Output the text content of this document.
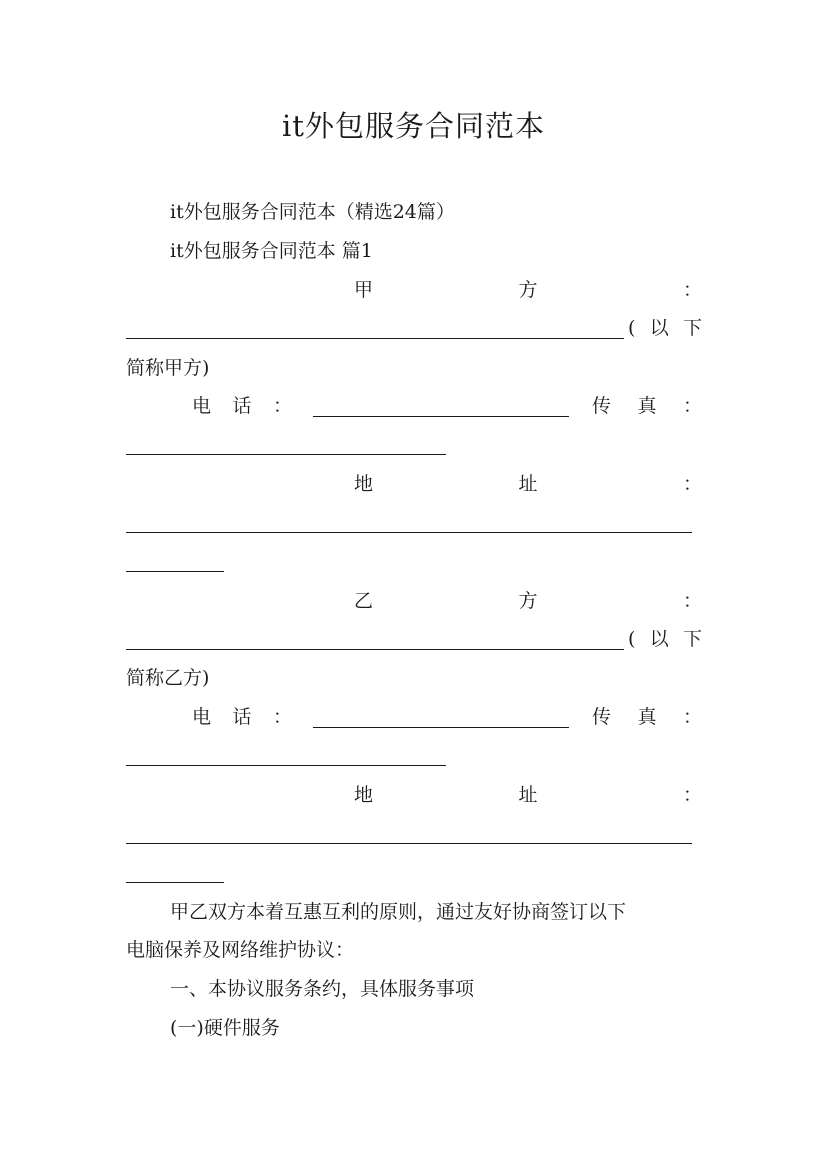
it外包服务合同范本
it外包服务合同范本（精选24篇）
it外包服务合同范本 篇1
甲	方	：
( 以 下
简称甲方)
电 话 ：	传 真 ：
地	址	：
乙	方	：
( 以 下
简称乙方)
电 话 ：	传 真 ：
地	址	：
甲乙双方本着互惠互利的原则，通过友好协商签订以下
电脑保养及网络维护协议：
一、本协议服务条约，具体服务事项
(一)硬件服务
